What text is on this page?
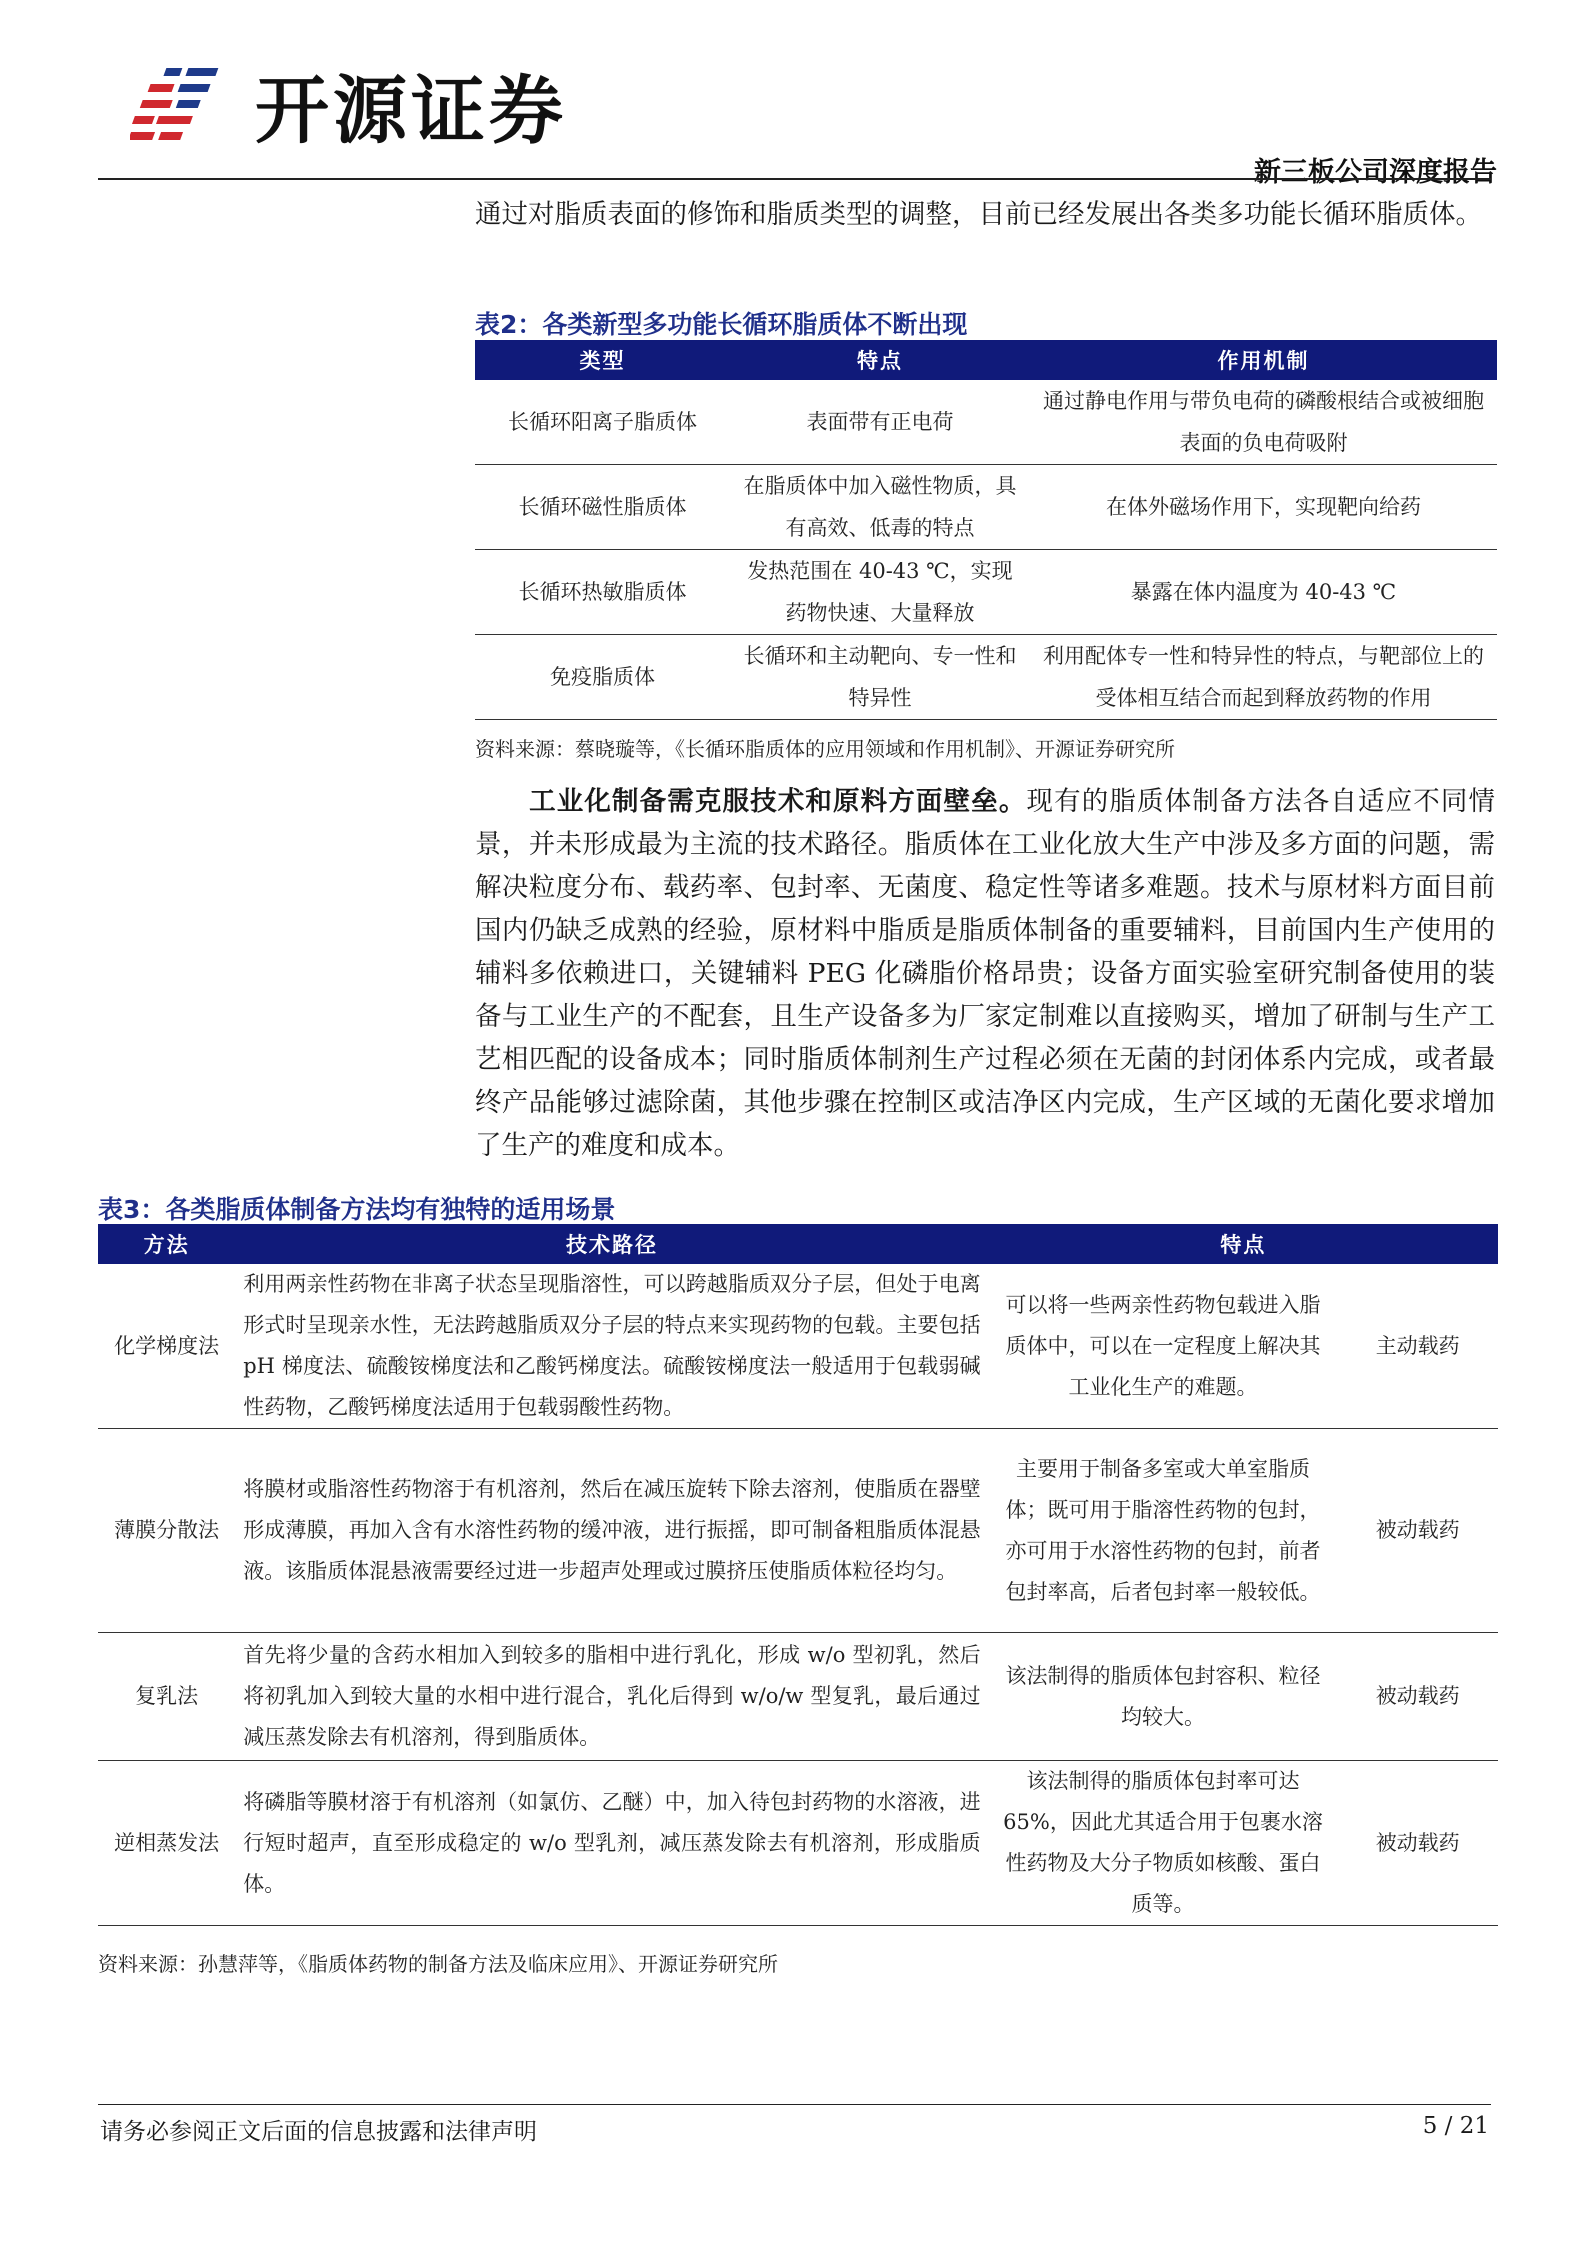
开源证券
新三板公司深度报告
通过对脂质表面的修饰和脂质类型的调整，目前已经发展出各类多功能长循环脂质体。
表2：各类新型多功能长循环脂质体不断出现
类型	特点	作用机制
长循环阳离子脂质体	表面带有正电荷	通过静电作用与带负电荷的磷酸根结合或被细胞表面的负电荷吸附
长循环磁性脂质体	在脂质体中加入磁性物质，具有高效、低毒的特点	在体外磁场作用下，实现靶向给药
长循环热敏脂质体	发热范围在 40-43 ℃，实现药物快速、大量释放	暴露在体内温度为 40-43 ℃
免疫脂质体	长循环和主动靶向、专一性和特异性	利用配体专一性和特异性的特点，与靶部位上的受体相互结合而起到释放药物的作用
资料来源：蔡晓璇等，《长循环脂质体的应用领域和作用机制》、开源证券研究所
工业化制备需克服技术和原料方面壁垒。现有的脂质体制备方法各自适应不同情景，并未形成最为主流的技术路径。脂质体在工业化放大生产中涉及多方面的问题，需解决粒度分布、载药率、包封率、无菌度、稳定性等诸多难题。技术与原材料方面目前国内仍缺乏成熟的经验，原材料中脂质是脂质体制备的重要辅料，目前国内生产使用的辅料多依赖进口，关键辅料 PEG 化磷脂价格昂贵；设备方面实验室研究制备使用的装备与工业生产的不配套，且生产设备多为厂家定制难以直接购买，增加了研制与生产工艺相匹配的设备成本；同时脂质体制剂生产过程必须在无菌的封闭体系内完成，或者最终产品能够过滤除菌，其他步骤在控制区或洁净区内完成，生产区域的无菌化要求增加了生产的难度和成本。
表3：各类脂质体制备方法均有独特的适用场景
方法	技术路径	特点	
化学梯度法	利用两亲性药物在非离子状态呈现脂溶性，可以跨越脂质双分子层，但处于电离形式时呈现亲水性，无法跨越脂质双分子层的特点来实现药物的包载。主要包括 pH 梯度法、硫酸铵梯度法和乙酸钙梯度法。硫酸铵梯度法一般适用于包载弱碱性药物，乙酸钙梯度法适用于包载弱酸性药物。	可以将一些两亲性药物包载进入脂质体中，可以在一定程度上解决其工业化生产的难题。	主动载药
薄膜分散法	将膜材或脂溶性药物溶于有机溶剂，然后在减压旋转下除去溶剂，使脂质在器壁形成薄膜，再加入含有水溶性药物的缓冲液，进行振摇，即可制备粗脂质体混悬液。该脂质体混悬液需要经过进一步超声处理或过膜挤压使脂质体粒径均匀。	主要用于制备多室或大单室脂质体；既可用于脂溶性药物的包封，亦可用于水溶性药物的包封，前者包封率高，后者包封率一般较低。	被动载药
复乳法	首先将少量的含药水相加入到较多的脂相中进行乳化，形成 w/o 型初乳，然后将初乳加入到较大量的水相中进行混合，乳化后得到 w/o/w 型复乳，最后通过减压蒸发除去有机溶剂，得到脂质体。	该法制得的脂质体包封容积、粒径均较大。	被动载药
逆相蒸发法	将磷脂等膜材溶于有机溶剂（如氯仿、乙醚）中，加入待包封药物的水溶液，进行短时超声，直至形成稳定的 w/o 型乳剂，减压蒸发除去有机溶剂，形成脂质体。	该法制得的脂质体包封率可达 65%，因此尤其适合用于包裹水溶性药物及大分子物质如核酸、蛋白质等。	被动载药
资料来源：孙慧萍等，《脂质体药物的制备方法及临床应用》、开源证券研究所
请务必参阅正文后面的信息披露和法律声明	5 / 21
